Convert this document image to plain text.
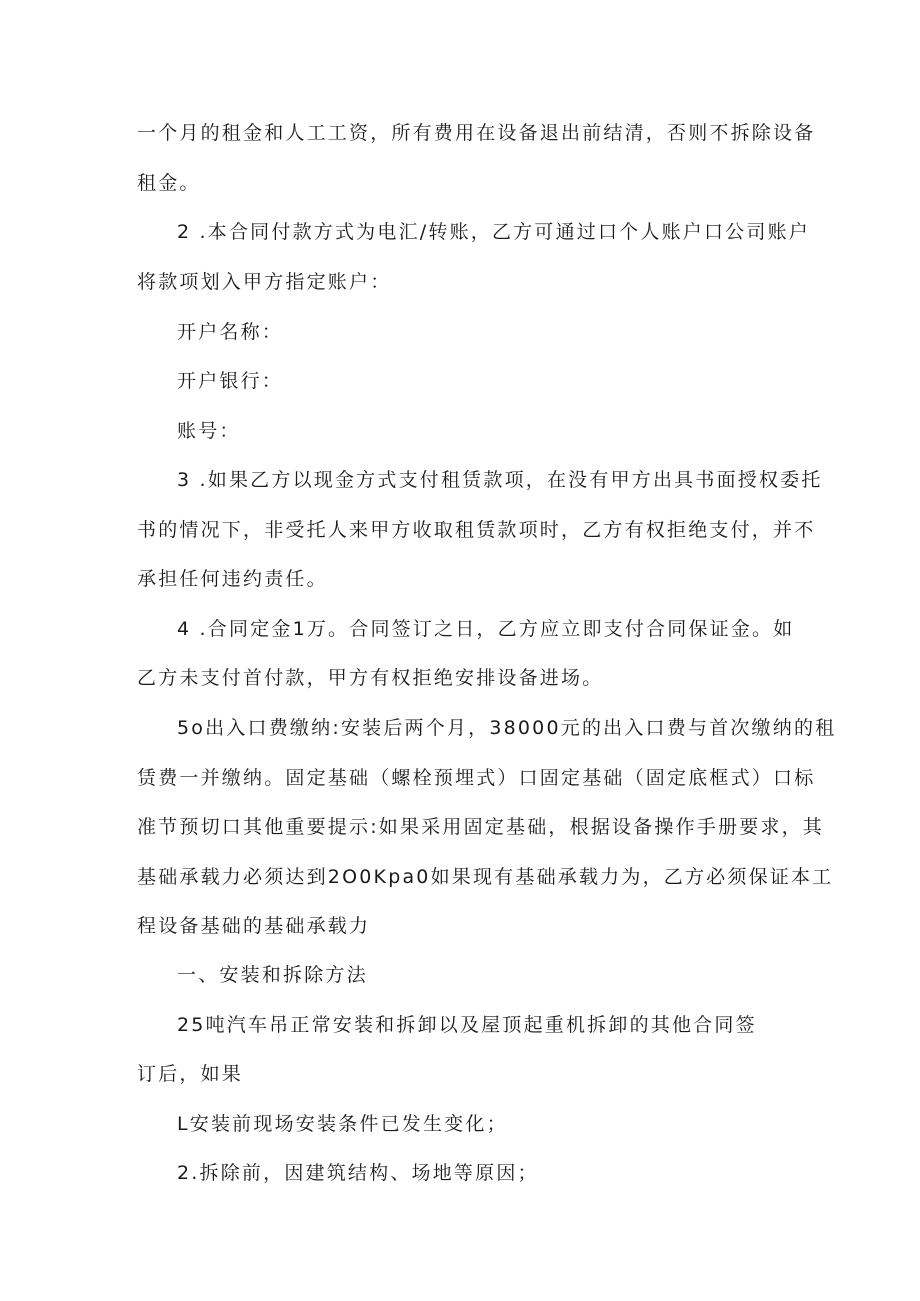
一个月的租金和人工工资，所有费用在设备退出前结清，否则不拆除设备
租金。
2 .本合同付款方式为电汇/转账，乙方可通过口个人账户口公司账户
将款项划入甲方指定账户：
开户名称：
开户银行：
账号：
3 .如果乙方以现金方式支付租赁款项，在没有甲方出具书面授权委托
书的情况下，非受托人来甲方收取租赁款项时，乙方有权拒绝支付，并不
承担任何违约责任。
4 .合同定金1万。合同签订之日，乙方应立即支付合同保证金。如
乙方未支付首付款，甲方有权拒绝安排设备进场。
5o出入口费缴纳:安装后两个月，38000元的出入口费与首次缴纳的租
赁费一并缴纳。固定基础（螺栓预埋式）口固定基础（固定底框式）口标
准节预切口其他重要提示:如果采用固定基础，根据设备操作手册要求，其
基础承载力必须达到2O0Kpa0如果现有基础承载力为，乙方必须保证本工
程设备基础的基础承载力
一、安装和拆除方法
25吨汽车吊正常安装和拆卸以及屋顶起重机拆卸的其他合同签
订后，如果
L安装前现场安装条件已发生变化；
2.拆除前，因建筑结构、场地等原因；
